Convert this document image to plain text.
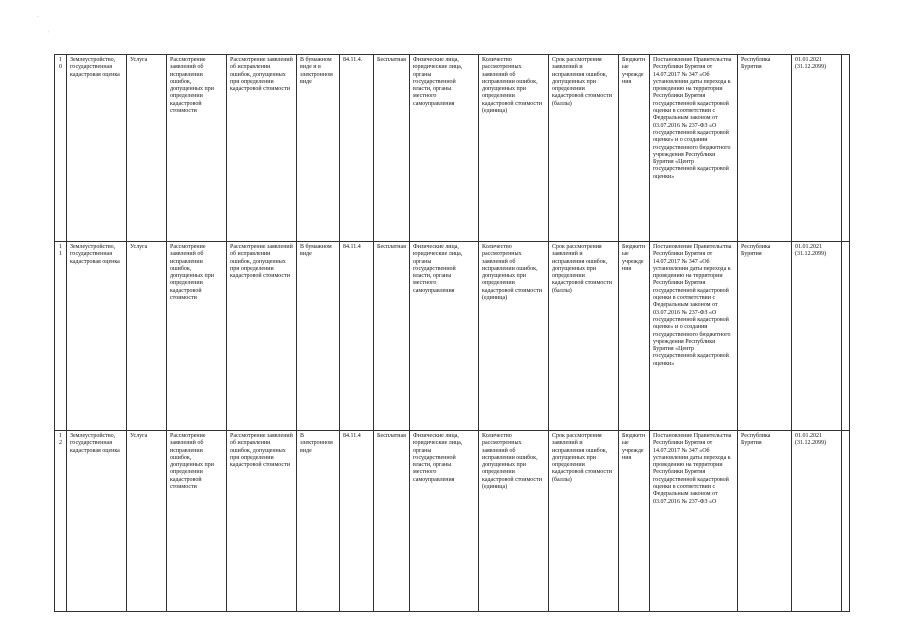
·
,
10	Землеустройство, государственная кадастровая оценка	Услуга	Рассмотрение заявлений об исправлении ошибок, допущенных при определении кадастровой стоимости	Рассмотрение заявлений об исправлении ошибок, допущенных при определении кадастровой стоимости	В бумажном виде и в электронном виде	84.11.4.	Бесплатная	Физические лица, юридические лица, органы государственной власти, органы местного самоуправления	Количество рассмотренных заявлений об исправлении ошибок, допущенных при определении кадастровой стоимости (единица)	Срок рассмотрения заявлений и исправления ошибок, допущенных при определении кадастровой стоимости (баллы)	Бюджетные учреждения	Постановление Правительства Республики Бурятия от 14.07.2017 № 347 «Об установлении даты перехода к проведению на территории Республики Бурятия государственной кадастровой оценки в соответствии с Федеральным законом от 03.07.2016 № 237-ФЗ «О государственной кадастровой оценке» и о создании государственного бюджетного учреждения Республики Бурятия «Центр государственной кадастровой оценки»	Республика Бурятия	01.01.2021 (31.12.2099)	
11	Землеустройство, государственная кадастровая оценка	Услуга	Рассмотрение заявлений об исправлении ошибок, допущенных при определении кадастровой стоимости	Рассмотрение заявлений об исправлении ошибок, допущенных при определении кадастровой стоимости	В бумажном виде	84.11.4	Бесплатная	Физические лица, юридические лица, органы государственной власти, органы местного самоуправления	Количество рассмотренных заявлений об исправлении ошибок, допущенных при определении кадастровой стоимости (единица)	Срок рассмотрения заявлений и исправления ошибок, допущенных при определении кадастровой стоимости (баллы)	Бюджетные учреждения	Постановление Правительства Республики Бурятия от 14.07.2017 № 347 «Об установлении даты перехода к проведению на территории Республики Бурятия государственной кадастровой оценки в соответствии с Федеральным законом от 03.07.2016 № 237-ФЗ «О государственной кадастровой оценке» и о создании государственного бюджетного учреждения Республики Бурятия «Центр государственной кадастровой оценки»	Республика Бурятия	01.01.2021 (31.12.2099)	
12	Землеустройство, государственная кадастровая оценка	Услуга	Рассмотрение заявлений об исправлении ошибок, допущенных при определении кадастровой стоимости	Рассмотрение заявлений об исправлении ошибок, допущенных при определении кадастровой стоимости	В электронном виде	84.11.4	Бесплатная	Физические лица, юридические лица, органы государственной власти, органы местного самоуправления	Количество рассмотренных заявлений об исправлении ошибок, допущенных при определении кадастровой стоимости (единица)	Срок рассмотрения заявлений и исправления ошибок, допущенных при определении кадастровой стоимости (баллы)	Бюджетные учреждения	Постановление Правительства Республики Бурятия от 14.07.2017 № 347 «Об установлении даты перехода к проведению на территории Республики Бурятия государственной кадастровой оценки в соответствии с Федеральным законом от 03.07.2016 № 237-ФЗ «О	Республика Бурятия	01.01.2021 (31.12.2099)	
